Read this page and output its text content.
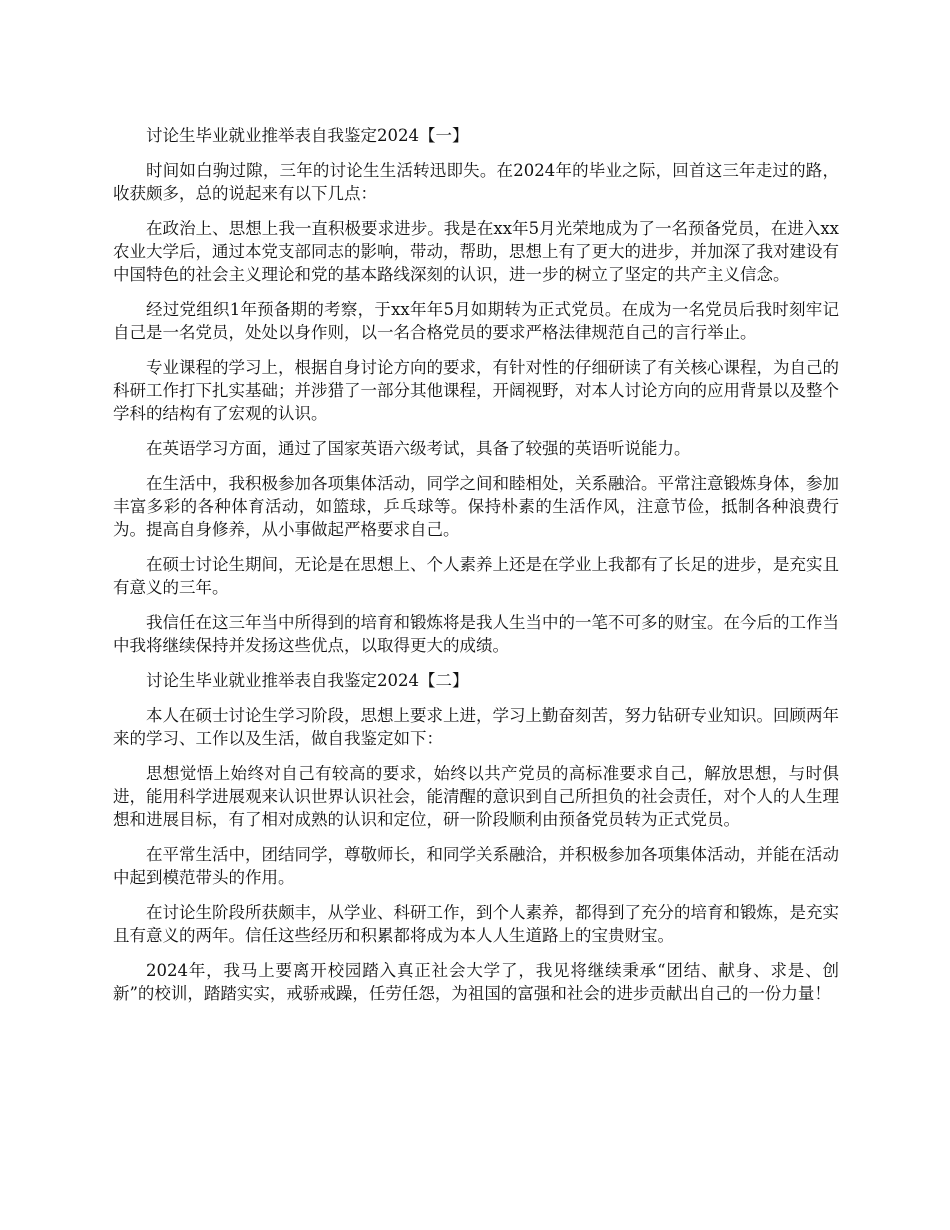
讨论生毕业就业推举表自我鉴定2024【一】

时间如白驹过隙，三年的讨论生生活转迅即失。在2024年的毕业之际，回首这三年走过的路，收获颇多，总的说起来有以下几点：

在政治上、思想上我一直积极要求进步。我是在xx年5月光荣地成为了一名预备党员，在进入xx农业大学后，通过本党支部同志的影响，带动，帮助，思想上有了更大的进步，并加深了我对建设有中国特色的社会主义理论和党的基本路线深刻的认识，进一步的树立了坚定的共产主义信念。

经过党组织1年预备期的考察，于xx年年5月如期转为正式党员。在成为一名党员后我时刻牢记自己是一名党员，处处以身作则，以一名合格党员的要求严格法律规范自己的言行举止。

专业课程的学习上，根据自身讨论方向的要求，有针对性的仔细研读了有关核心课程，为自己的科研工作打下扎实基础；并涉猎了一部分其他课程，开阔视野，对本人讨论方向的应用背景以及整个学科的结构有了宏观的认识。

在英语学习方面，通过了国家英语六级考试，具备了较强的英语听说能力。

在生活中，我积极参加各项集体活动，同学之间和睦相处，关系融洽。平常注意锻炼身体，参加丰富多彩的各种体育活动，如篮球，乒乓球等。保持朴素的生活作风，注意节俭，抵制各种浪费行为。提高自身修养，从小事做起严格要求自己。

在硕士讨论生期间，无论是在思想上、个人素养上还是在学业上我都有了长足的进步，是充实且有意义的三年。

我信任在这三年当中所得到的培育和锻炼将是我人生当中的一笔不可多的财宝。在今后的工作当中我将继续保持并发扬这些优点，以取得更大的成绩。

讨论生毕业就业推举表自我鉴定2024【二】

本人在硕士讨论生学习阶段，思想上要求上进，学习上勤奋刻苦，努力钻研专业知识。回顾两年来的学习、工作以及生活，做自我鉴定如下：

思想觉悟上始终对自己有较高的要求，始终以共产党员的高标准要求自己，解放思想，与时俱进，能用科学进展观来认识世界认识社会，能清醒的意识到自己所担负的社会责任，对个人的人生理想和进展目标，有了相对成熟的认识和定位，研一阶段顺利由预备党员转为正式党员。

在平常生活中，团结同学，尊敬师长，和同学关系融洽，并积极参加各项集体活动，并能在活动中起到模范带头的作用。

在讨论生阶段所获颇丰，从学业、科研工作，到个人素养，都得到了充分的培育和锻炼，是充实且有意义的两年。信任这些经历和积累都将成为本人人生道路上的宝贵财宝。

2024年，我马上要离开校园踏入真正社会大学了，我见将继续秉承“团结、献身、求是、创新”的校训，踏踏实实，戒骄戒躁，任劳任怨，为祖国的富强和社会的进步贡献出自己的一份力量！
